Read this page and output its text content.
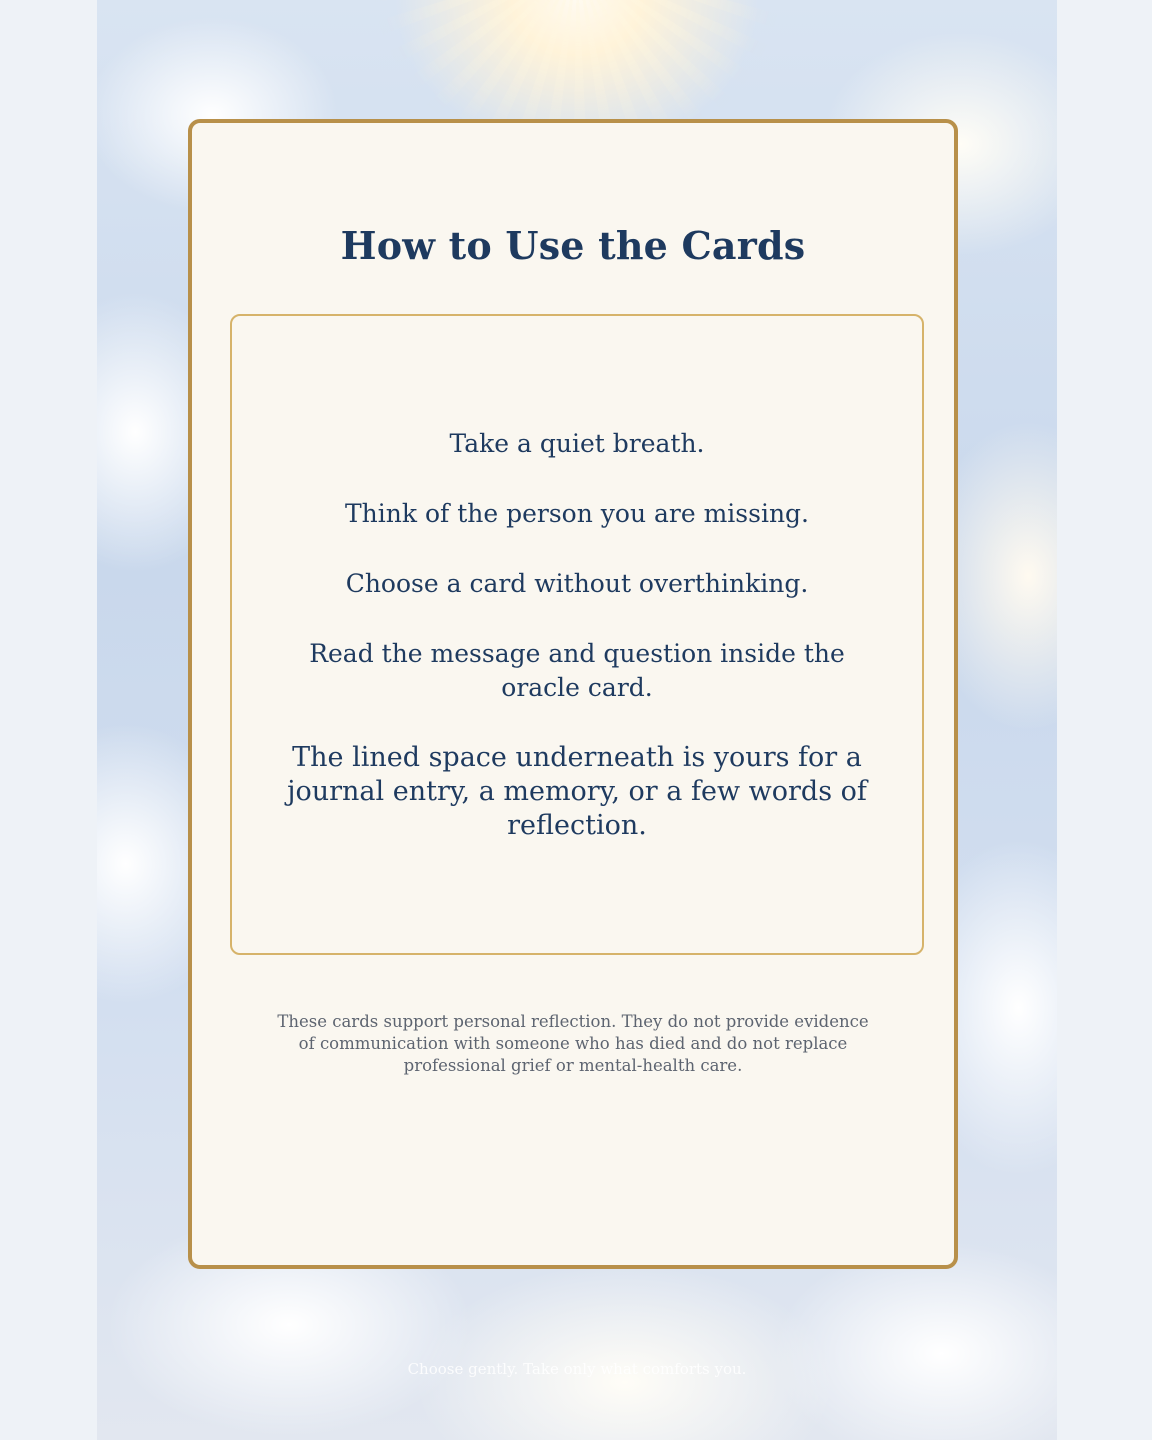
How to Use the Cards

Take a quiet breath.

Think of the person you are missing.

Choose a card without overthinking.

Read the message and question inside the oracle card.

The lined space underneath is yours for a journal entry, a memory, or a few words of reflection.

These cards support personal reflection. They do not provide evidence of communication with someone who has died and do not replace professional grief or mental-health care.

Choose gently. Take only what comforts you.
